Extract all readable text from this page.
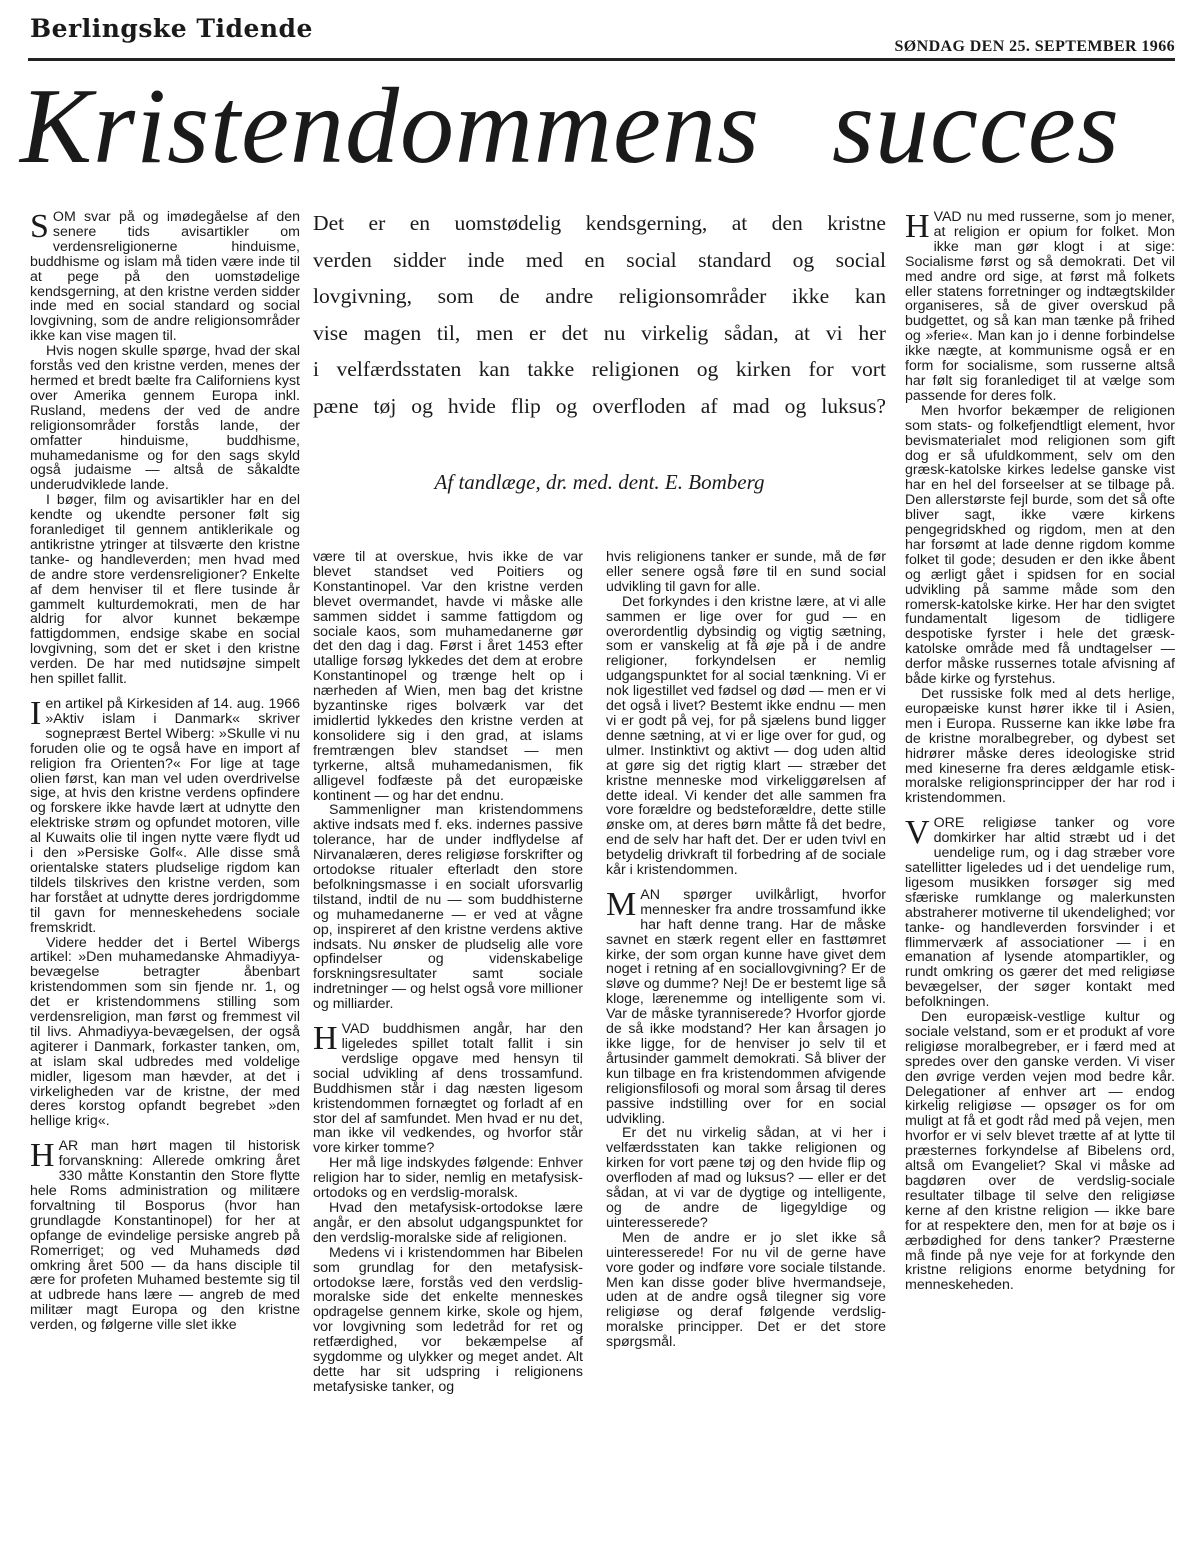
Berlingske Tidende
SØNDAG DEN 25. SEPTEMBER 1966
Kristendommens succes

SOM svar på og imødegåelse af den senere tids avisartikler om verdensreligionerne hinduisme, buddhisme og islam må tiden være inde til at pege på den uomstødelige kendsgerning, at den kristne verden sidder inde med en social standard og social lovgivning, som de andre religionsområder ikke kan vise magen til.

Hvis nogen skulle spørge, hvad der skal forstås ved den kristne verden, menes der hermed et bredt bælte fra Californiens kyst over Amerika gennem Europa inkl. Rusland, medens der ved de andre religionsområder forstås lande, der omfatter hinduisme, buddhisme, muhamedanisme og for den sags skyld også judaisme — altså de såkaldte underudviklede lande.

I bøger, film og avisartikler har en del kendte og ukendte personer følt sig foranlediget til gennem antiklerikale og antikristne ytringer at tilsværte den kristne tanke- og handleverden; men hvad med de andre store verdensreligioner? Enkelte af dem henviser til et flere tusinde år gammelt kulturdemokrati, men de har aldrig for alvor kunnet bekæmpe fattigdommen, endsige skabe en social lovgivning, som det er sket i den kristne verden. De har med nutidsøjne simpelt hen spillet fallit.

Ien artikel på Kirkesiden af 14. aug. 1966 »Aktiv islam i Danmark« skriver sognepræst Bertel Wiberg: »Skulle vi nu foruden olie og te også have en import af religion fra Orienten?« For lige at tage olien først, kan man vel uden overdrivelse sige, at hvis den kristne verdens opfindere og forskere ikke havde lært at udnytte den elektriske strøm og opfundet motoren, ville al Kuwaits olie til ingen nytte være flydt ud i den »Persiske Golf«. Alle disse små orientalske staters pludselige rigdom kan tildels tilskrives den kristne verden, som har forstået at udnytte deres jordrigdomme til gavn for menneskehedens sociale fremskridt.

Videre hedder det i Bertel Wibergs artikel: »Den muhamedanske Ahmadiyya-bevægelse betragter åbenbart kristendommen som sin fjende nr. 1, og det er kristendommens stilling som verdensreligion, man først og fremmest vil til livs. Ahmadiyya-bevægelsen, der også agiterer i Danmark, forkaster tanken, om, at islam skal udbredes med voldelige midler, ligesom man hævder, at det i virkeligheden var de kristne, der med deres korstog opfandt begrebet »den hellige krig«.

HAR man hørt magen til historisk forvanskning: Allerede omkring året 330 måtte Konstantin den Store flytte hele Roms administration og militære forvaltning til Bosporus (hvor han grundlagde Konstantinopel) for her at opfange de evindelige persiske angreb på Romerriget; og ved Muhameds død omkring året 500 — da hans disciple til ære for profeten Muhamed bestemte sig til at udbrede hans lære — angreb de med militær magt Europa og den kristne verden, og følgerne ville slet ikke

Det er en uomstødelig kendsgerning, at den kristne
verden sidder inde med en social standard og social
lovgivning, som de andre religionsområder ikke kan
vise magen til, men er det nu virkelig sådan, at vi her
i velfærdsstaten kan takke religionen og kirken for vort
pæne tøj og hvide flip og overfloden af mad og luksus?
Af tandlæge, dr. med. dent. E. Bomberg

være til at overskue, hvis ikke de var blevet standset ved Poitiers og Konstantinopel. Var den kristne verden blevet overmandet, havde vi måske alle sammen siddet i samme fattigdom og sociale kaos, som muhamedanerne gør det den dag i dag. Først i året 1453 efter utallige forsøg lykkedes det dem at erobre Konstantinopel og trænge helt op i nærheden af Wien, men bag det kristne byzantinske riges bolværk var det imidlertid lykkedes den kristne verden at konsolidere sig i den grad, at islams fremtrængen blev standset — men tyrkerne, altså muhamedanismen, fik alligevel fodfæste på det europæiske kontinent — og har det endnu.

Sammenligner man kristendommens aktive indsats med f. eks. indernes passive tolerance, har de under indflydelse af Nirvanalæren, deres religiøse forskrifter og ortodokse ritualer efterladt den store befolkningsmasse i en socialt uforsvarlig tilstand, indtil de nu — som buddhisterne og muhamedanerne — er ved at vågne op, inspireret af den kristne verdens aktive indsats. Nu ønsker de pludselig alle vore opfindelser og videnskabelige forskningsresultater samt sociale indretninger — og helst også vore millioner og milliarder.

HVAD buddhismen angår, har den ligeledes spillet totalt fallit i sin verdslige opgave med hensyn til social udvikling af dens trossamfund. Buddhismen står i dag næsten ligesom kristendommen fornægtet og forladt af en stor del af samfundet. Men hvad er nu det, man ikke vil vedkendes, og hvorfor står vore kirker tomme?

Her må lige indskydes følgende: Enhver religion har to sider, nemlig en metafysisk-ortodoks og en verdslig-moralsk.

Hvad den metafysisk-ortodokse lære angår, er den absolut udgangspunktet for den verdslig-moralske side af religionen.

Medens vi i kristendommen har Bibelen som grundlag for den metafysisk-ortodokse lære, forstås ved den verdslig-moralske side det enkelte menneskes opdragelse gennem kirke, skole og hjem, vor lovgivning som ledetråd for ret og retfærdighed, vor bekæmpelse af sygdomme og ulykker og meget andet. Alt dette har sit udspring i religionens metafysiske tanker, og

hvis religionens tanker er sunde, må de før eller senere også føre til en sund social udvikling til gavn for alle.

Det forkyndes i den kristne lære, at vi alle sammen er lige over for gud — en overordentlig dybsindig og vigtig sætning, som er vanskelig at få øje på i de andre religioner, forkyndelsen er nemlig udgangspunktet for al social tænkning. Vi er nok ligestillet ved fødsel og død — men er vi det også i livet? Bestemt ikke endnu — men vi er godt på vej, for på sjælens bund ligger denne sætning, at vi er lige over for gud, og ulmer. Instinktivt og aktivt — dog uden altid at gøre sig det rigtig klart — stræber det kristne menneske mod virkeliggørelsen af dette ideal. Vi kender det alle sammen fra vore forældre og bedsteforældre, dette stille ønske om, at deres børn måtte få det bedre, end de selv har haft det. Der er uden tvivl en betydelig drivkraft til forbedring af de sociale kår i kristendommen.

MAN spørger uvilkårligt, hvorfor mennesker fra andre trossamfund ikke har haft denne trang. Har de måske savnet en stærk regent eller en fasttømret kirke, der som organ kunne have givet dem noget i retning af en sociallovgivning? Er de sløve og dumme? Nej! De er bestemt lige så kloge, lærenemme og intelligente som vi. Var de måske tyranniserede? Hvorfor gjorde de så ikke modstand? Her kan årsagen jo ikke ligge, for de henviser jo selv til et årtusinder gammelt demokrati. Så bliver der kun tilbage en fra kristendommen afvigende religionsfilosofi og moral som årsag til deres passive indstilling over for en social udvikling.

Er det nu virkelig sådan, at vi her i velfærdsstaten kan takke religionen og kirken for vort pæne tøj og den hvide flip og overfloden af mad og luksus? — eller er det sådan, at vi var de dygtige og intelligente, og de andre de ligegyldige og uinteresserede?

Men de andre er jo slet ikke så uinteresserede! For nu vil de gerne have vore goder og indføre vore sociale tilstande. Men kan disse goder blive hvermandseje, uden at de andre også tilegner sig vore religiøse og deraf følgende verdslig-moralske principper. Det er det store spørgsmål.

HVAD nu med russerne, som jo mener, at religion er opium for folket. Mon ikke man gør klogt i at sige: Socialisme først og så demokrati. Det vil med andre ord sige, at først må folkets eller statens forretninger og indtægtskilder organiseres, så de giver overskud på budgettet, og så kan man tænke på frihed og »ferie«. Man kan jo i denne forbindelse ikke nægte, at kommunisme også er en form for socialisme, som russerne altså har følt sig foranlediget til at vælge som passende for deres folk.

Men hvorfor bekæmper de religionen som stats- og folkefjendtligt element, hvor bevismaterialet mod religionen som gift dog er så ufuldkomment, selv om den græsk-katolske kirkes ledelse ganske vist har en hel del forseelser at se tilbage på. Den allerstørste fejl burde, som det så ofte bliver sagt, ikke være kirkens pengegridskhed og rigdom, men at den har forsømt at lade denne rigdom komme folket til gode; desuden er den ikke åbent og ærligt gået i spidsen for en social udvikling på samme måde som den romersk-katolske kirke. Her har den svigtet fundamentalt ligesom de tidligere despotiske fyrster i hele det græsk-katolske område med få undtagelser — derfor måske russernes totale afvisning af både kirke og fyrstehus.

Det russiske folk med al dets herlige, europæiske kunst hører ikke til i Asien, men i Europa. Russerne kan ikke løbe fra de kristne moralbegreber, og dybest set hidrører måske deres ideologiske strid med kineserne fra deres ældgamle etisk-moralske religionsprincipper der har rod i kristendommen.

VORE religiøse tanker og vore domkirker har altid stræbt ud i det uendelige rum, og i dag stræber vore satellitter ligeledes ud i det uendelige rum, ligesom musikken forsøger sig med sfæriske rumklange og malerkunsten abstraherer motiverne til ukendelighed; vor tanke- og handleverden forsvinder i et flimmerværk af associationer — i en emanation af lysende atompartikler, og rundt omkring os gærer det med religiøse bevægelser, der søger kontakt med befolkningen.

Den europæisk-vestlige kultur og sociale velstand, som er et produkt af vore religiøse moralbegreber, er i færd med at spredes over den ganske verden. Vi viser den øvrige verden vejen mod bedre kår. Delegationer af enhver art — endog kirkelig religiøse — opsøger os for om muligt at få et godt råd med på vejen, men hvorfor er vi selv blevet trætte af at lytte til præsternes forkyndelse af Bibelens ord, altså om Evangeliet? Skal vi måske ad bagdøren over de verdslig-sociale resultater tilbage til selve den religiøse kerne af den kristne religion — ikke bare for at respektere den, men for at bøje os i ærbødighed for dens tanker? Præsterne må finde på nye veje for at forkynde den kristne religions enorme betydning for menneskeheden.
